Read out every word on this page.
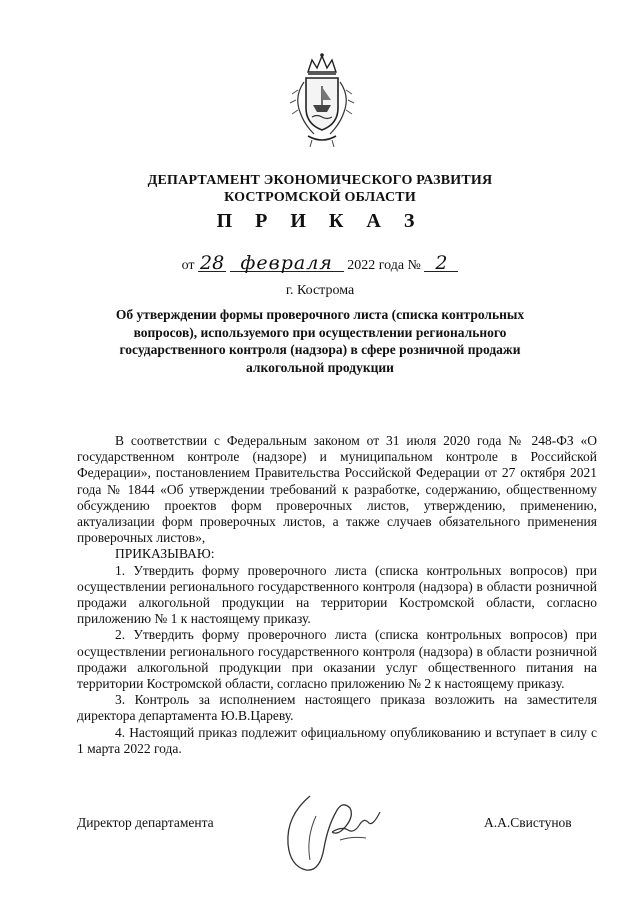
ДЕПАРТАМЕНТ ЭКОНОМИЧЕСКОГО РАЗВИТИЯ
КОСТРОМСКОЙ ОБЛАСТИ
П Р И К А З
от 28 февраля 2022 года № 2
г. Кострома
Об утверждении формы проверочного листа (списка контрольных вопросов), используемого при осуществлении регионального государственного контроля (надзора) в сфере розничной продажи алкогольной продукции

В соответствии с Федеральным законом от 31 июля 2020 года № 248-ФЗ «О государственном контроле (надзоре) и муниципальном контроле в Российской Федерации», постановлением Правительства Российской Федерации от 27 октября 2021 года № 1844 «Об утверждении требований к разработке, содержанию, общественному обсуждению проектов форм проверочных листов, утверждению, применению, актуализации форм проверочных листов, а также случаев обязательного применения проверочных листов»,

ПРИКАЗЫВАЮ:

1. Утвердить форму проверочного листа (списка контрольных вопросов) при осуществлении регионального государственного контроля (надзора) в области розничной продажи алкогольной продукции на территории Костромской области, согласно приложению № 1 к настоящему приказу.

2. Утвердить форму проверочного листа (списка контрольных вопросов) при осуществлении регионального государственного контроля (надзора) в области розничной продажи алкогольной продукции при оказании услуг общественного питания на территории Костромской области, согласно приложению № 2 к настоящему приказу.

3. Контроль за исполнением настоящего приказа возложить на заместителя директора департамента Ю.В.Цареву.

4. Настоящий приказ подлежит официальному опубликованию и вступает в силу с 1 марта 2022 года.

Директор департамента	А.А.Свистунов
